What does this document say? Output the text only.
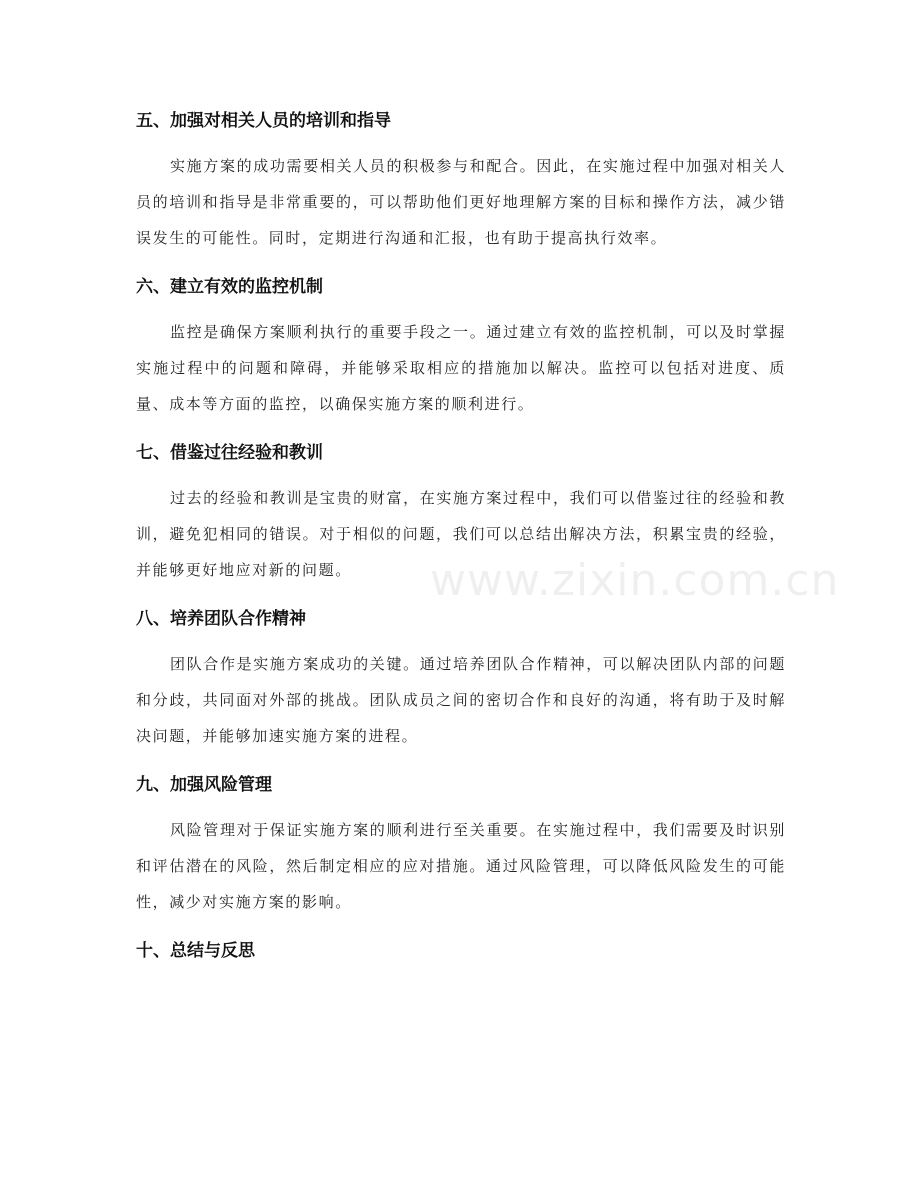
五、加强对相关人员的培训和指导

实施方案的成功需要相关人员的积极参与和配合。因此，在实施过程中加强对相关人员的培训和指导是非常重要的，可以帮助他们更好地理解方案的目标和操作方法，减少错误发生的可能性。同时，定期进行沟通和汇报，也有助于提高执行效率。

六、建立有效的监控机制

监控是确保方案顺利执行的重要手段之一。通过建立有效的监控机制，可以及时掌握实施过程中的问题和障碍，并能够采取相应的措施加以解决。监控可以包括对进度、质量、成本等方面的监控，以确保实施方案的顺利进行。

七、借鉴过往经验和教训

过去的经验和教训是宝贵的财富，在实施方案过程中，我们可以借鉴过往的经验和教训，避免犯相同的错误。对于相似的问题，我们可以总结出解决方法，积累宝贵的经验，并能够更好地应对新的问题。

八、培养团队合作精神

团队合作是实施方案成功的关键。通过培养团队合作精神，可以解决团队内部的问题和分歧，共同面对外部的挑战。团队成员之间的密切合作和良好的沟通，将有助于及时解决问题，并能够加速实施方案的进程。

九、加强风险管理

风险管理对于保证实施方案的顺利进行至关重要。在实施过程中，我们需要及时识别和评估潜在的风险，然后制定相应的应对措施。通过风险管理，可以降低风险发生的可能性，减少对实施方案的影响。

十、总结与反思
www.zixin.com.cn
